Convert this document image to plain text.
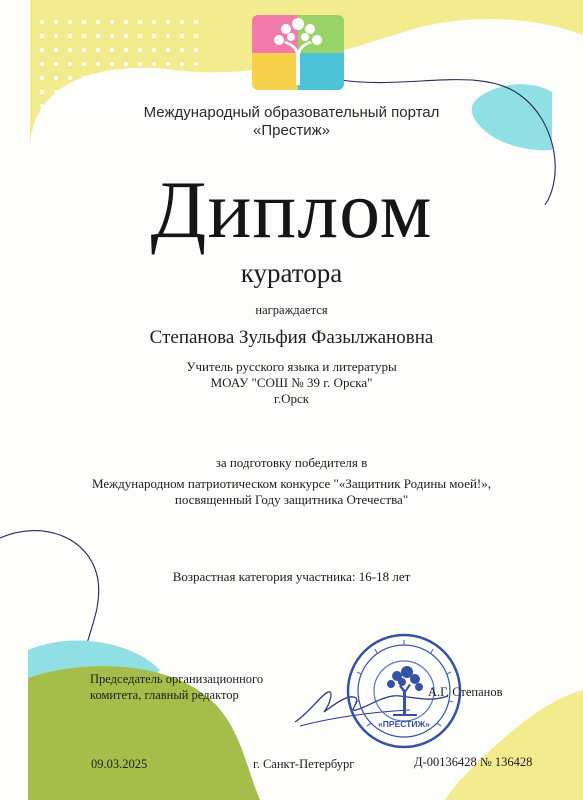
Международный образовательный портал
«Престиж»
Диплом
куратора
награждается
Степанова Зульфия Фазылжановна
Учитель русского языка и литературы
МОАУ "СОШ № 39 г. Орска"
г.Орск
за подготовку победителя в
Международном патриотическом конкурсе "«Защитник Родины моей!»,
посвященный Году защитника Отечества"
Возрастная категория участника: 16-18 лет
Председатель организационного
комитета, главный редактор
«ПРЕСТИЖ»
А.Г. Степанов
09.03.2025	г. Санкт-Петербург	Д-00136428 № 136428
